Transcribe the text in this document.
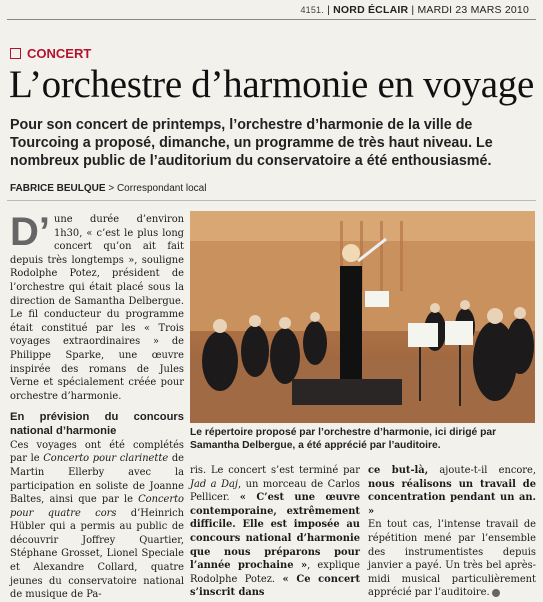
4151. | NORD ÉCLAIR | MARDI 23 MARS 2010
CONCERT
L’orchestre d’harmonie en voyage
Pour son concert de printemps, l’orchestre d’harmonie de la ville de Tourcoing a proposé, dimanche, un programme de très haut niveau. Le nombreux public de l’auditorium du conservatoire a été enthousiasmé.
FABRICE BEULQUE > Correspondant local

D’ une durée d’environ 1h30, « c’est le plus long concert qu’on ait fait depuis très longtemps », souligne Rodolphe Potez, président de l’orchestre qui était placé sous la direction de Samantha Delbergue. Le fil conducteur du programme était constitué par les « Trois voyages extraordinaires » de Philippe Sparke, une œuvre inspirée des romans de Jules Verne et spécialement créée pour orchestre d’harmonie.

En prévision du concours national d’harmonie

Ces voyages ont été complétés par le Concerto pour clarinette de Martin Ellerby avec la participation en soliste de Joanne Baltes, ainsi que par le Concerto pour quatre cors d’Heinrich Hübler qui a permis au public de découvrir Joffrey Quartier, Stéphane Grosset, Lionel Speciale et Alexandre Collard, quatre jeunes du conservatoire national de musique de Pa-

Le répertoire proposé par l’orchestre d’harmonie, ici dirigé par Samantha Delbergue, a été apprécié par l’auditoire.

ris. Le concert s’est terminé par Jad a Daj, un morceau de Carlos Pellicer. « C’est une œuvre contemporaine, extrêmement difficile. Elle est imposée au concours national d’harmonie que nous préparons pour l’année prochaine », explique Rodolphe Potez. « Ce concert s’inscrit dans

ce but-là, ajoute-t-il encore, nous réalisons un travail de concentration pendant un an. »

En tout cas, l’intense travail de répétition mené par l’ensemble des instrumentistes depuis janvier a payé. Un très bel après-midi musical particulièrement apprécié par l’auditoire.
